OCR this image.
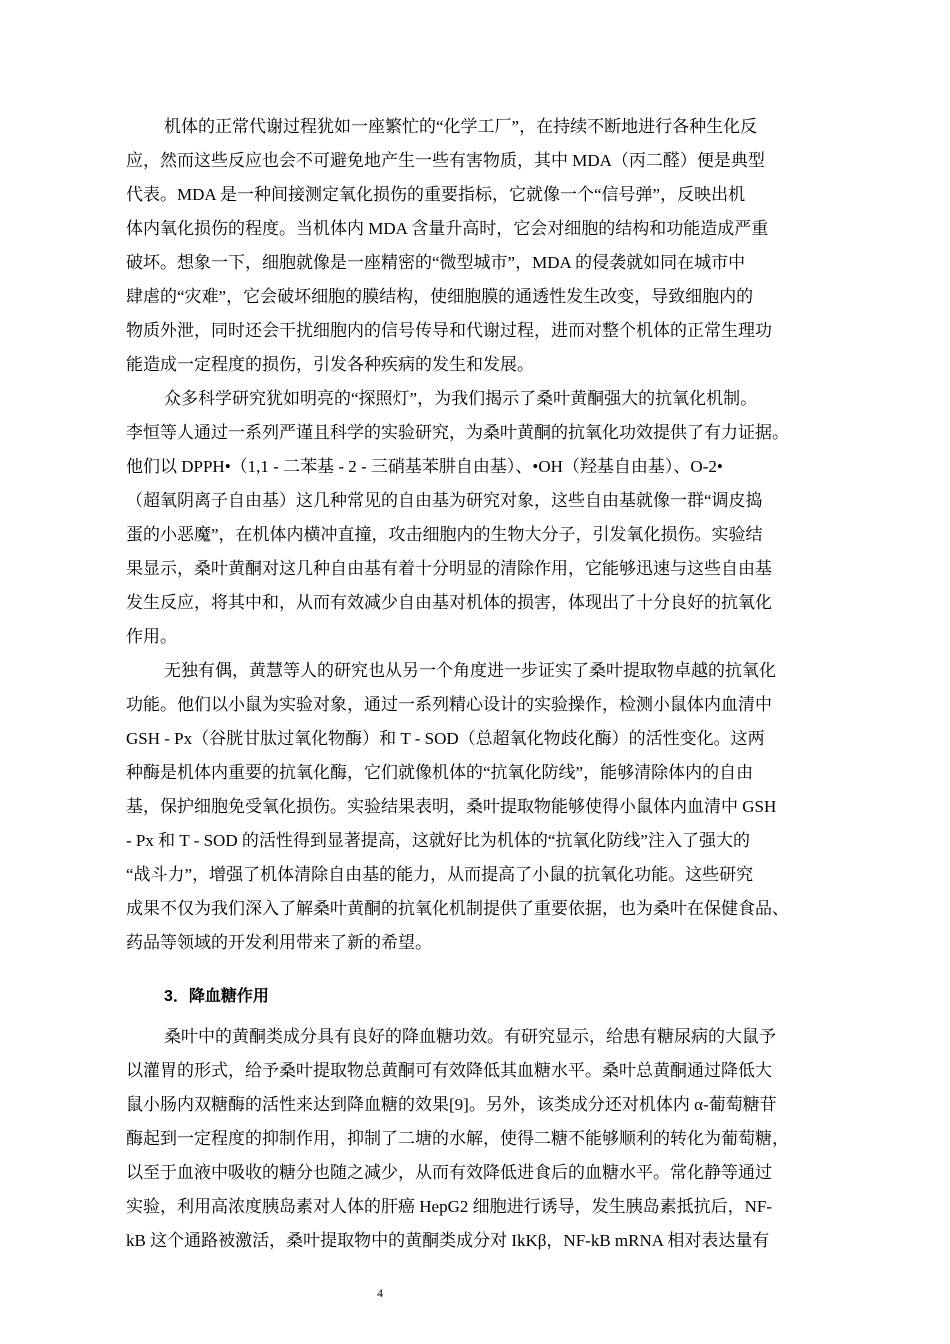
机体的正常代谢过程犹如一座繁忙的“化学工厂”，在持续不断地进行各种生化反
应，然而这些反应也会不可避免地产生一些有害物质，其中 MDA（丙二醛）便是典型
代表。MDA 是一种间接测定氧化损伤的重要指标，它就像一个“信号弹”，反映出机
体内氧化损伤的程度。当机体内 MDA 含量升高时，它会对细胞的结构和功能造成严重
破坏。想象一下，细胞就像是一座精密的“微型城市”，MDA 的侵袭就如同在城市中
肆虐的“灾难”，它会破坏细胞的膜结构，使细胞膜的通透性发生改变，导致细胞内的
物质外泄，同时还会干扰细胞内的信号传导和代谢过程，进而对整个机体的正常生理功
能造成一定程度的损伤，引发各种疾病的发生和发展。
众多科学研究犹如明亮的“探照灯”，为我们揭示了桑叶黄酮强大的抗氧化机制。
李恒等人通过一系列严谨且科学的实验研究，为桑叶黄酮的抗氧化功效提供了有力证据。
他们以 DPPH•（1,1 - 二苯基 - 2 - 三硝基苯肼自由基）、•OH（羟基自由基）、O-2•
（超氧阴离子自由基）这几种常见的自由基为研究对象，这些自由基就像一群“调皮捣
蛋的小恶魔”，在机体内横冲直撞，攻击细胞内的生物大分子，引发氧化损伤。实验结
果显示，桑叶黄酮对这几种自由基有着十分明显的清除作用，它能够迅速与这些自由基
发生反应，将其中和，从而有效减少自由基对机体的损害，体现出了十分良好的抗氧化
作用。
无独有偶，黄慧等人的研究也从另一个角度进一步证实了桑叶提取物卓越的抗氧化
功能。他们以小鼠为实验对象，通过一系列精心设计的实验操作，检测小鼠体内血清中
GSH - Px（谷胱甘肽过氧化物酶）和 T - SOD（总超氧化物歧化酶）的活性变化。这两
种酶是机体内重要的抗氧化酶，它们就像机体的“抗氧化防线”，能够清除体内的自由
基，保护细胞免受氧化损伤。实验结果表明，桑叶提取物能够使得小鼠体内血清中 GSH
- Px 和 T - SOD 的活性得到显著提高，这就好比为机体的“抗氧化防线”注入了强大的
“战斗力”，增强了机体清除自由基的能力，从而提高了小鼠的抗氧化功能。这些研究
成果不仅为我们深入了解桑叶黄酮的抗氧化机制提供了重要依据，也为桑叶在保健食品、
药品等领域的开发利用带来了新的希望。
3．降血糖作用
桑叶中的黄酮类成分具有良好的降血糖功效。有研究显示，给患有糖尿病的大鼠予
以灌胃的形式，给予桑叶提取物总黄酮可有效降低其血糖水平。桑叶总黄酮通过降低大
鼠小肠内双糖酶的活性来达到降血糖的效果[9]。另外，该类成分还对机体内 α-葡萄糖苷
酶起到一定程度的抑制作用，抑制了二塘的水解，使得二糖不能够顺利的转化为葡萄糖，
以至于血液中吸收的糖分也随之减少，从而有效降低进食后的血糖水平。常化静等通过
实验，利用高浓度胰岛素对人体的肝癌 HepG2 细胞进行诱导，发生胰岛素抵抗后，NF-
kB 这个通路被激活，桑叶提取物中的黄酮类成分对 IkKβ，NF-kB mRNA 相对表达量有
4
